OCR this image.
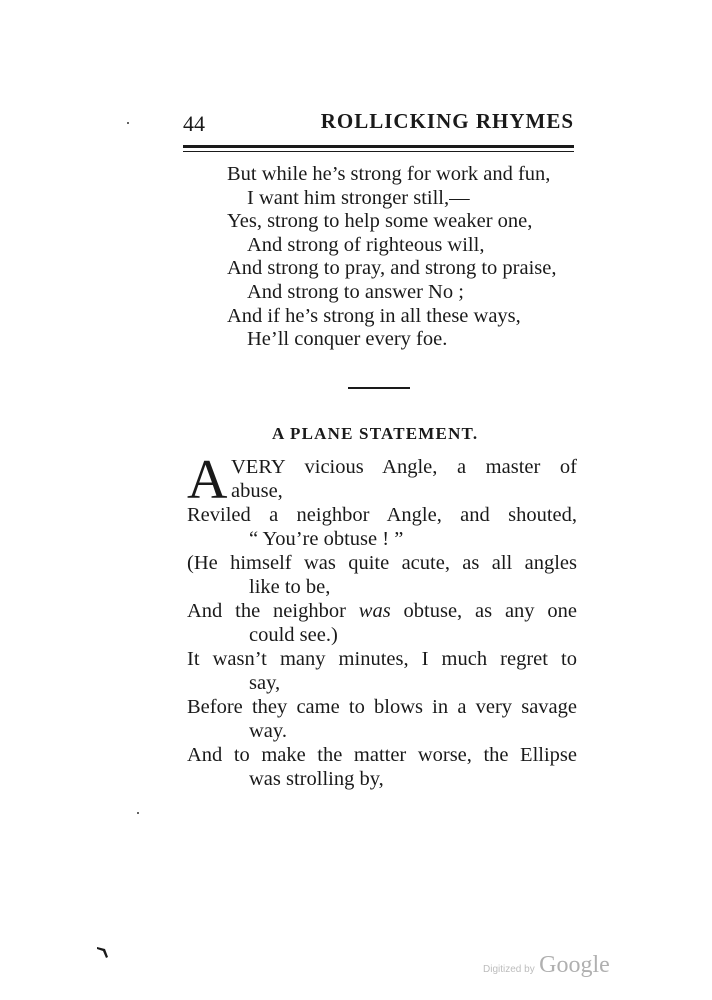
44	ROLLICKING RHYMES
But while he’s strong for work and fun,
I want him stronger still,—
Yes, strong to help some weaker one,
And strong of righteous will,
And strong to pray, and strong to praise,
And strong to answer No ;
And if he’s strong in all these ways,
He’ll conquer every foe.
A PLANE STATEMENT.
A VERY vicious Angle, a master of
abuse,
Reviled a neighbor Angle, and shouted,
“ You’re obtuse ! ”
(He himself was quite acute, as all angles
like to be,
And the neighbor was obtuse, as any one
could see.)
It wasn’t many minutes, I much regret to
say,
Before they came to blows in a very savage
way.
And to make the matter worse, the Ellipse
was strolling by,
Digitized by Google
